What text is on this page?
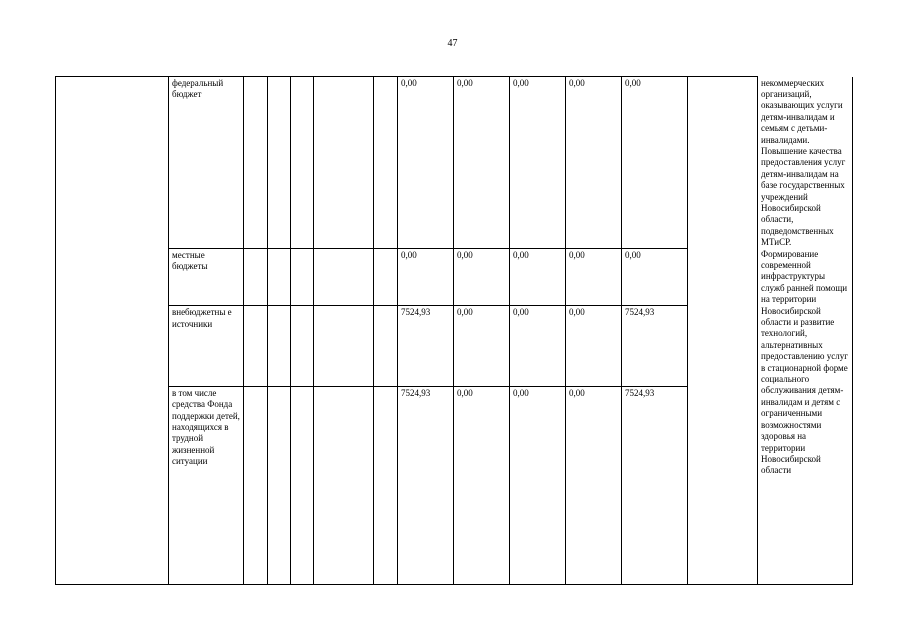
47
	федеральный бюджет						0,00	0,00	0,00	0,00	0,00		некоммерческих организаций, оказывающих услуги детям-инвалидам и семьям с детьми-инвалидами. Повышение качества предоставления услуг детям-инвалидам на базе государственных учреждений Новосибирской области, подведомственных МТиСР. Формирование современной инфраструктуры служб ранней помощи на территории Новосибирской области и развитие технологий, альтернативных предоставлению услуг в стационарной форме социального обслуживания детям-инвалидам и детям с ограниченными возможностями здоровья на территории Новосибирской области
	местные бюджеты						0,00	0,00	0,00	0,00	0,00		
	внебюджетны е источники						7524,93	0,00	0,00	0,00	7524,93		
	в том числе средства Фонда поддержки детей, находящихся в трудной жизненной ситуации						7524,93	0,00	0,00	0,00	7524,93		
